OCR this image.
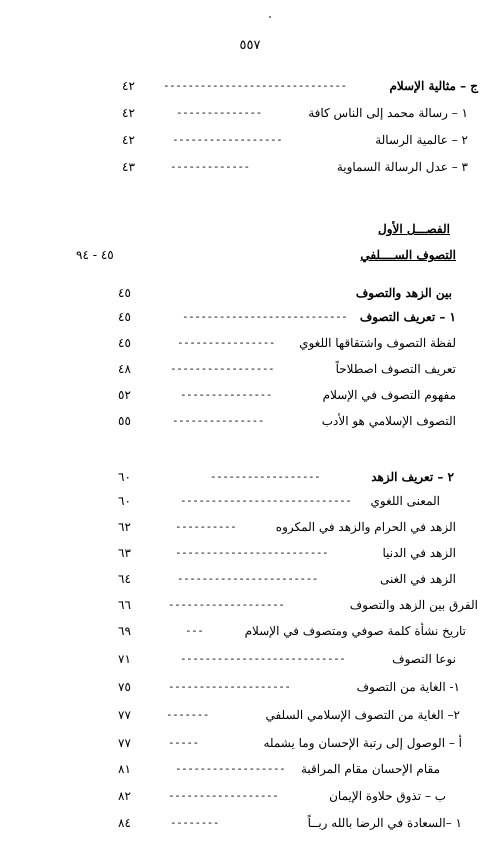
٥٥٧
٤٢	------------------------------	ج – مثالية الإسلام
٤٢	--------------	١ – رسالة محمد إلى الناس كافة
٤٢	------------------	٢ – عالمية الرسالة
٤٣	-------------	٣ – عدل الرسالة السماوية
الفصـــل الأول
٤٥ - ٩٤	التصوف الســــلفي
٤٥	بين الزهد والتصوف
٤٥	--------------------------- ١ – تعريف التصوف
٤٥	---------------- لفظة التصوف واشتقاقها اللغوي
٤٨	-----------------	تعريف التصوف اصطلاحاً
٥٢	---------------	مفهوم التصوف في الإسلام
٥٥	---------------	التصوف الإسلامي هو الأدب
٦٠	------------------	٢ – تعريف الزهد
٦٠	----------------------------	المعنى اللغوي
٦٢	----------	الزهد في الحرام والزهد في المكروه
٦٣	-------------------------	الزهد في الدنيا
٦٤	-----------------------	الزهد في الغنى
٦٦	-------------------	الفرق بين الزهد والتصوف
٦٩	---	تاريخ نشأة كلمة صوفي ومتصوف في الإسلام
٧١	---------------------------	نوعا التصوف
٧٥	--------------------	١- الغاية من التصوف
٧٧	-------	٢– الغاية من التصوف الإسلامي السلفي
٧٧	-----	أ – الوصول إلى رتبة الإحسان وما يشمله
٨١	------------------ مقام الإحسان مقام المراقبة
٨٢	------------------	ب – تذوق حلاوة الإيمان
٨٤	--------	١ –السعادة في الرضا بالله ربــاً
